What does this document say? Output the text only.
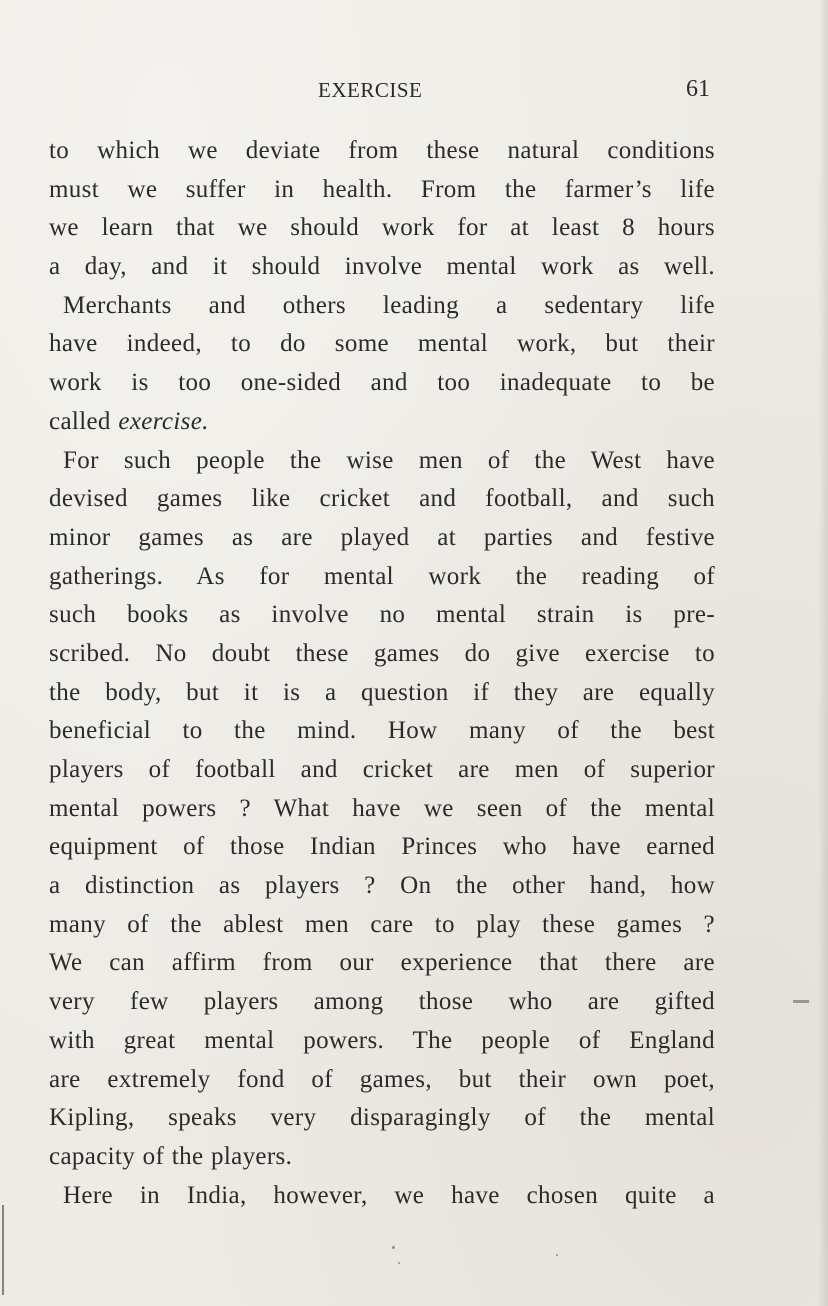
EXERCISE	61
to which we deviate from these natural conditions
must we suffer in health. From the farmer’s life
we learn that we should work for at least 8 hours
a day, and it should involve mental work as well.
Merchants and others leading a sedentary life
have indeed, to do some mental work, but their
work is too one-sided and too inadequate to be
called exercise.
For such people the wise men of the West have
devised games like cricket and football, and such
minor games as are played at parties and festive
gatherings. As for mental work the reading of
such books as involve no mental strain is pre-
scribed. No doubt these games do give exercise to
the body, but it is a question if they are equally
beneficial to the mind. How many of the best
players of football and cricket are men of superior
mental powers ? What have we seen of the mental
equipment of those Indian Princes who have earned
a distinction as players ? On the other hand, how
many of the ablest men care to play these games ?
We can affirm from our experience that there are
very few players among those who are gifted
with great mental powers. The people of England
are extremely fond of games, but their own poet,
Kipling, speaks very disparagingly of the mental
capacity of the players.
Here in India, however, we have chosen quite a
